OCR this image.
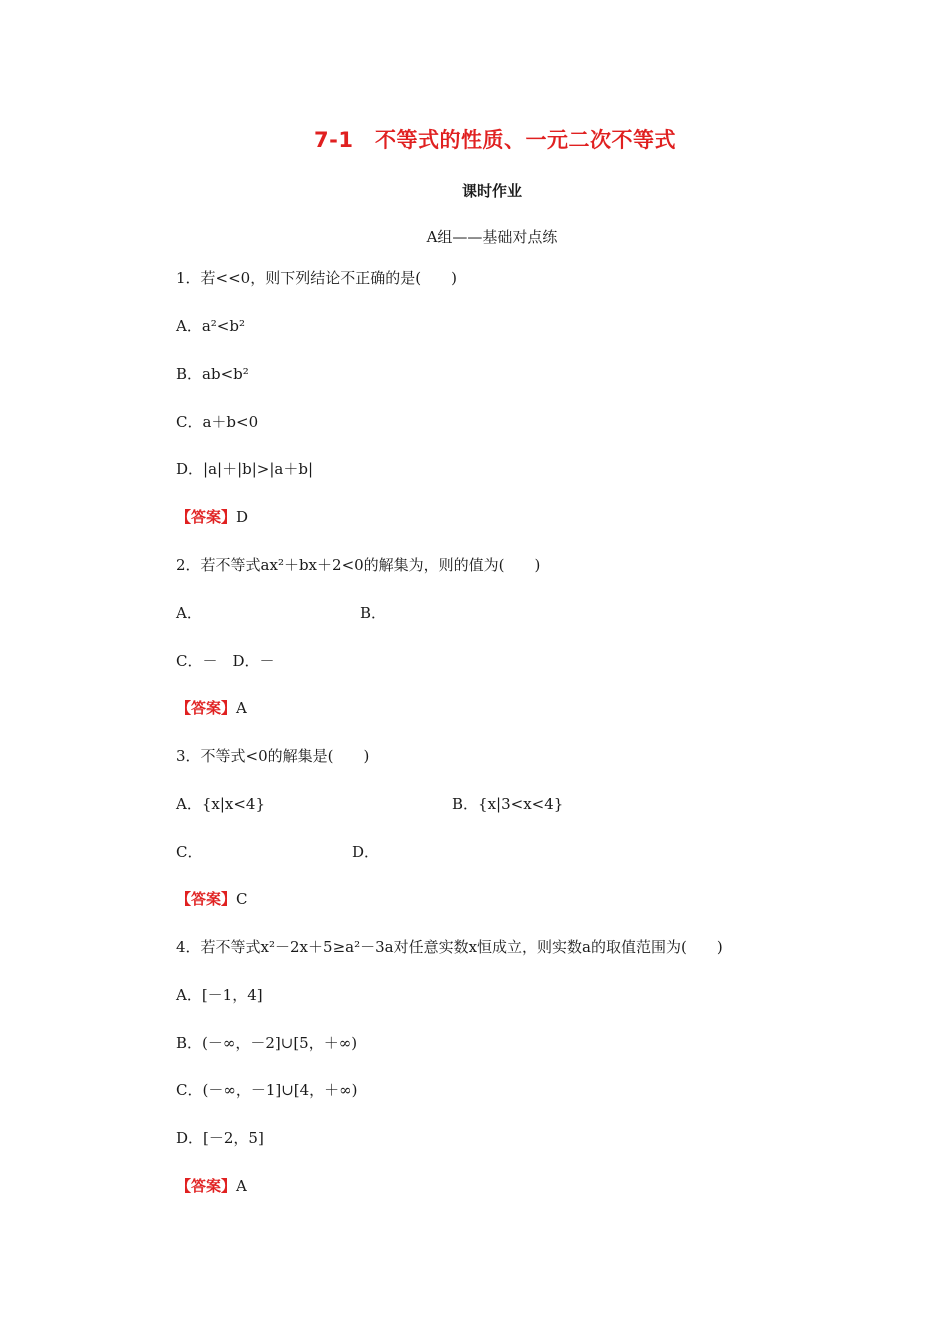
7-1　不等式的性质、一元二次不等式
课时作业
A组——基础对点练
1．若<<0，则下列结论不正确的是(　　)
A．a²<b²
B．ab<b²
C．a＋b<0
D．|a|＋|b|>|a＋b|
【答案】D
2．若不等式ax²＋bx＋2<0的解集为，则的值为(　　)
A．	B．
C．－　D．－
【答案】A
3．不等式<0的解集是(　　)
A．{x|x<4}	B．{x|3<x<4}
C．	D．
【答案】C
4．若不等式x²－2x＋5≥a²－3a对任意实数x恒成立，则实数a的取值范围为(　　)
A．[－1，4]
B．(－∞，－2]∪[5，＋∞)
C．(－∞，－1]∪[4，＋∞)
D．[－2，5]
【答案】A
